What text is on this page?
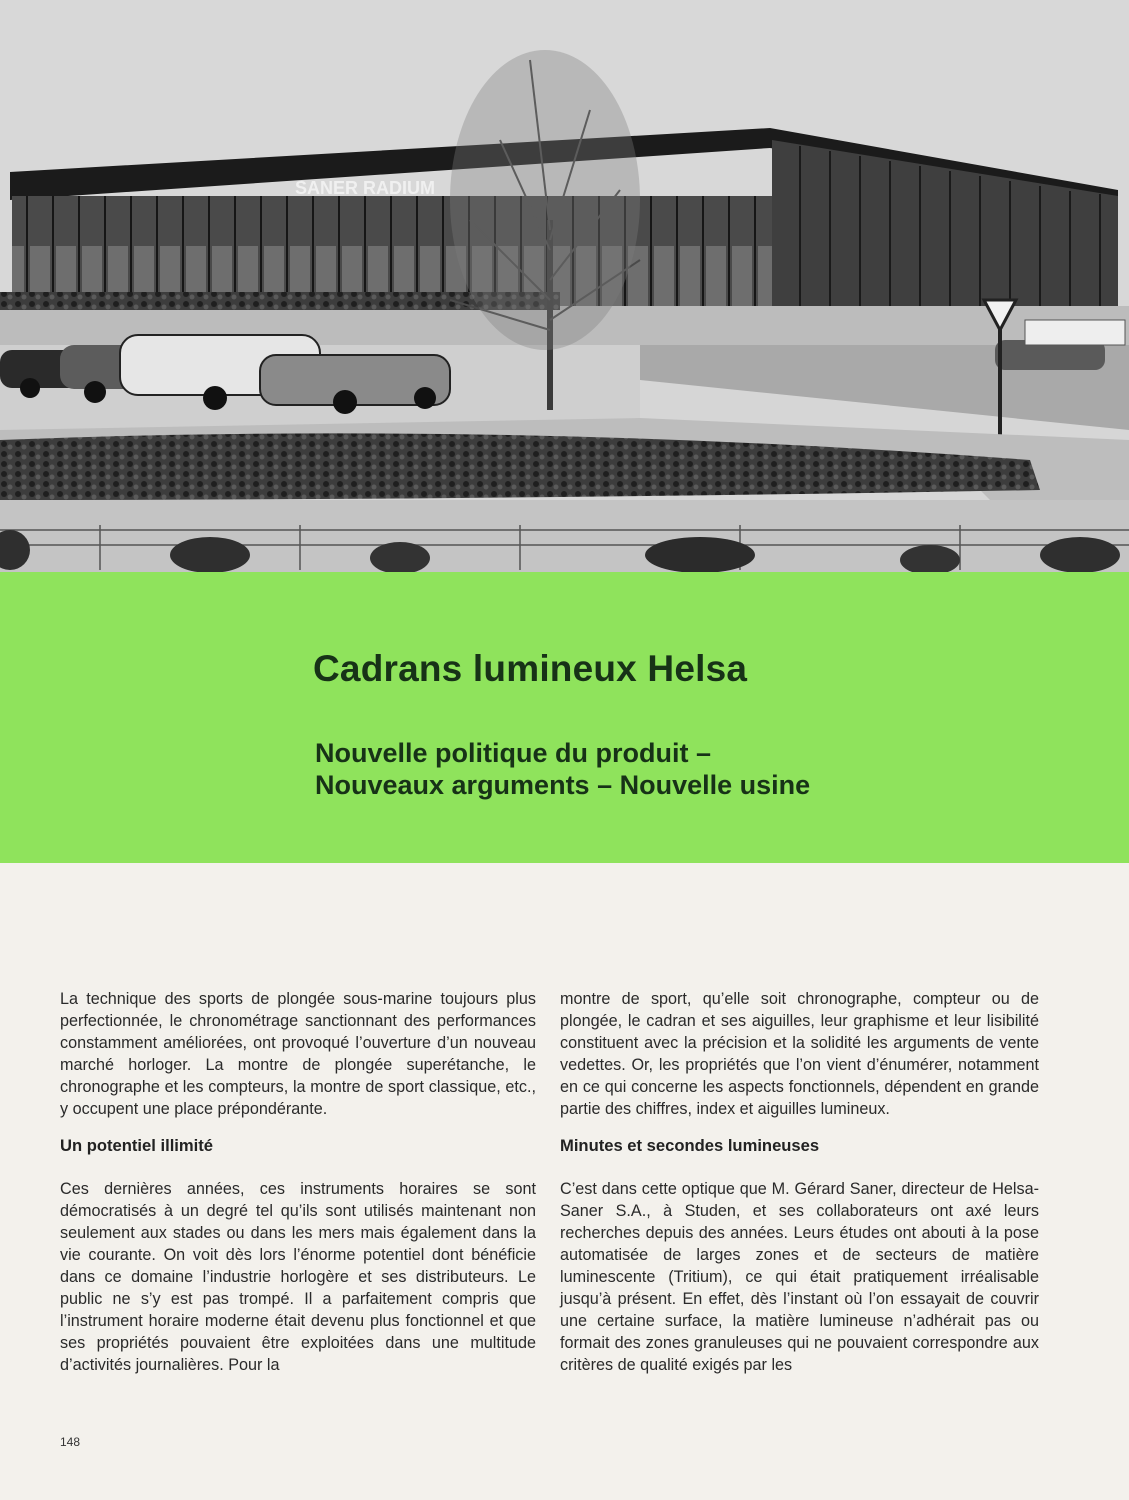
SANER RADIUM
Cadrans lumineux Helsa
Nouvelle politique du produit –
Nouveaux arguments – Nouvelle usine

La technique des sports de plongée sous-marine toujours plus perfectionnée, le chronométrage sanctionnant des performances constamment améliorées, ont provoqué l’ouverture d’un nouveau marché horloger. La montre de plongée superétanche, le chronographe et les compteurs, la montre de sport classique, etc., y occupent une place prépondérante.

Un potentiel illimité

Ces dernières années, ces instruments horaires se sont démocratisés à un degré tel qu’ils sont utilisés maintenant non seulement aux stades ou dans les mers mais également dans la vie courante. On voit dès lors l’énorme potentiel dont bénéficie dans ce domaine l’industrie horlogère et ses distributeurs. Le public ne s’y est pas trompé. Il a parfaitement compris que l’instrument horaire moderne était devenu plus fonctionnel et que ses propriétés pouvaient être exploitées dans une multitude d’activités journalières. Pour la

montre de sport, qu’elle soit chronographe, compteur ou de plongée, le cadran et ses aiguilles, leur graphisme et leur lisibilité constituent avec la précision et la solidité les arguments de vente vedettes. Or, les propriétés que l’on vient d’énumérer, notamment en ce qui concerne les aspects fonctionnels, dépendent en grande partie des chiffres, index et aiguilles lumineux.

Minutes et secondes lumineuses

C’est dans cette optique que M. Gérard Saner, directeur de Helsa-Saner S.A., à Studen, et ses collaborateurs ont axé leurs recherches depuis des années. Leurs études ont abouti à la pose automatisée de larges zones et de secteurs de matière luminescente (Tritium), ce qui était pratiquement irréalisable jusqu’à présent. En effet, dès l’instant où l’on essayait de couvrir une certaine surface, la matière lumineuse n’adhérait pas ou formait des zones granuleuses qui ne pouvaient correspondre aux critères de qualité exigés par les

148
